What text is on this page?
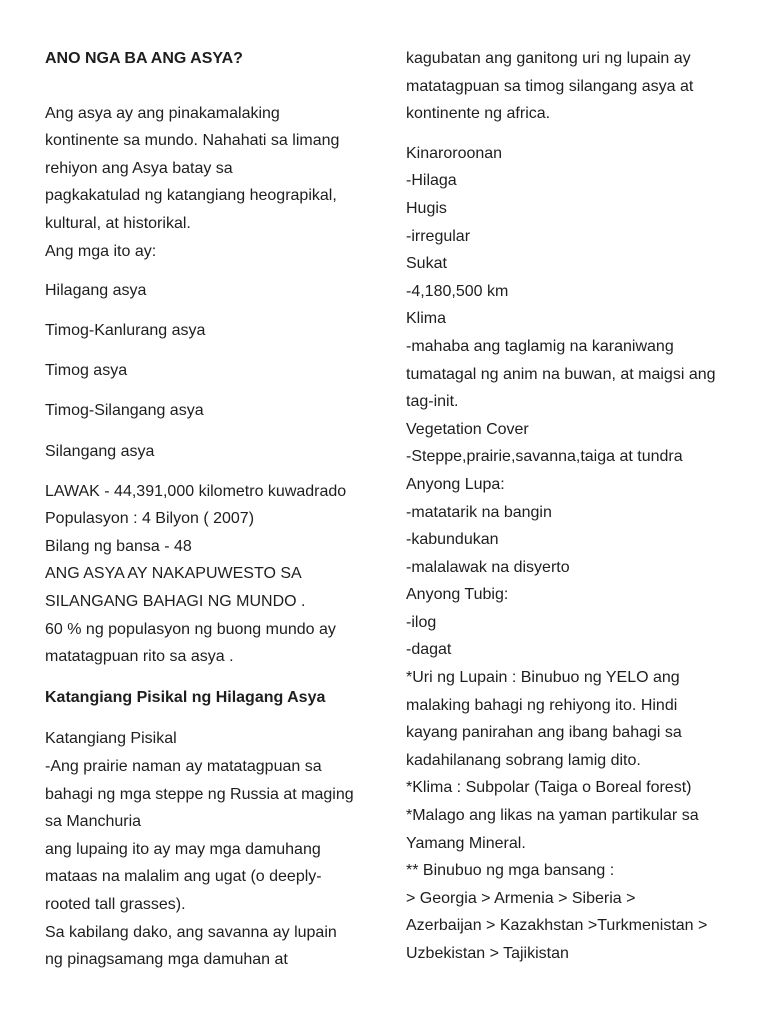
ANO NGA BA ANG ASYA?

Ang asya ay ang pinakamalaking
kontinente sa mundo. Nahahati sa limang
rehiyon ang Asya batay sa
pagkakatulad ng katangiang heograpikal,
kultural, at historikal.
Ang mga ito ay:

Hilagang asya

Timog-Kanlurang asya

Timog asya

Timog-Silangang asya

Silangang asya

LAWAK - 44,391,000 kilometro kuwadrado
Populasyon : 4 Bilyon ( 2007)
Bilang ng bansa - 48
ANG ASYA AY NAKAPUWESTO SA
SILANGANG BAHAGI NG MUNDO .
60 % ng populasyon ng buong mundo ay
matatagpuan rito sa asya .

Katangiang Pisikal ng Hilagang Asya

Katangiang Pisikal
-Ang prairie naman ay matatagpuan sa
bahagi ng mga steppe ng Russia at maging
sa Manchuria
ang lupaing ito ay may mga damuhang
mataas na malalim ang ugat (o deeply-
rooted tall grasses).
Sa kabilang dako, ang savanna ay lupain
ng pinagsamang mga damuhan at

kagubatan ang ganitong uri ng lupain ay
matatagpuan sa timog silangang asya at
kontinente ng africa.

Kinaroroonan
-Hilaga
Hugis
-irregular
Sukat
-4,180,500 km
Klima
-mahaba ang taglamig na karaniwang
tumatagal ng anim na buwan, at maigsi ang
tag-init.
Vegetation Cover
-Steppe,prairie,savanna,taiga at tundra
Anyong Lupa:
-matatarik na bangin
-kabundukan
-malalawak na disyerto
Anyong Tubig:
-ilog
-dagat
*Uri ng Lupain : Binubuo ng YELO ang
malaking bahagi ng rehiyong ito. Hindi
kayang panirahan ang ibang bahagi sa
kadahilanang sobrang lamig dito.
*Klima : Subpolar (Taiga o Boreal forest)
*Malago ang likas na yaman partikular sa
Yamang Mineral.
** Binubuo ng mga bansang :
> Georgia > Armenia > Siberia >
Azerbaijan > Kazakhstan >Turkmenistan >
Uzbekistan > Tajikistan
